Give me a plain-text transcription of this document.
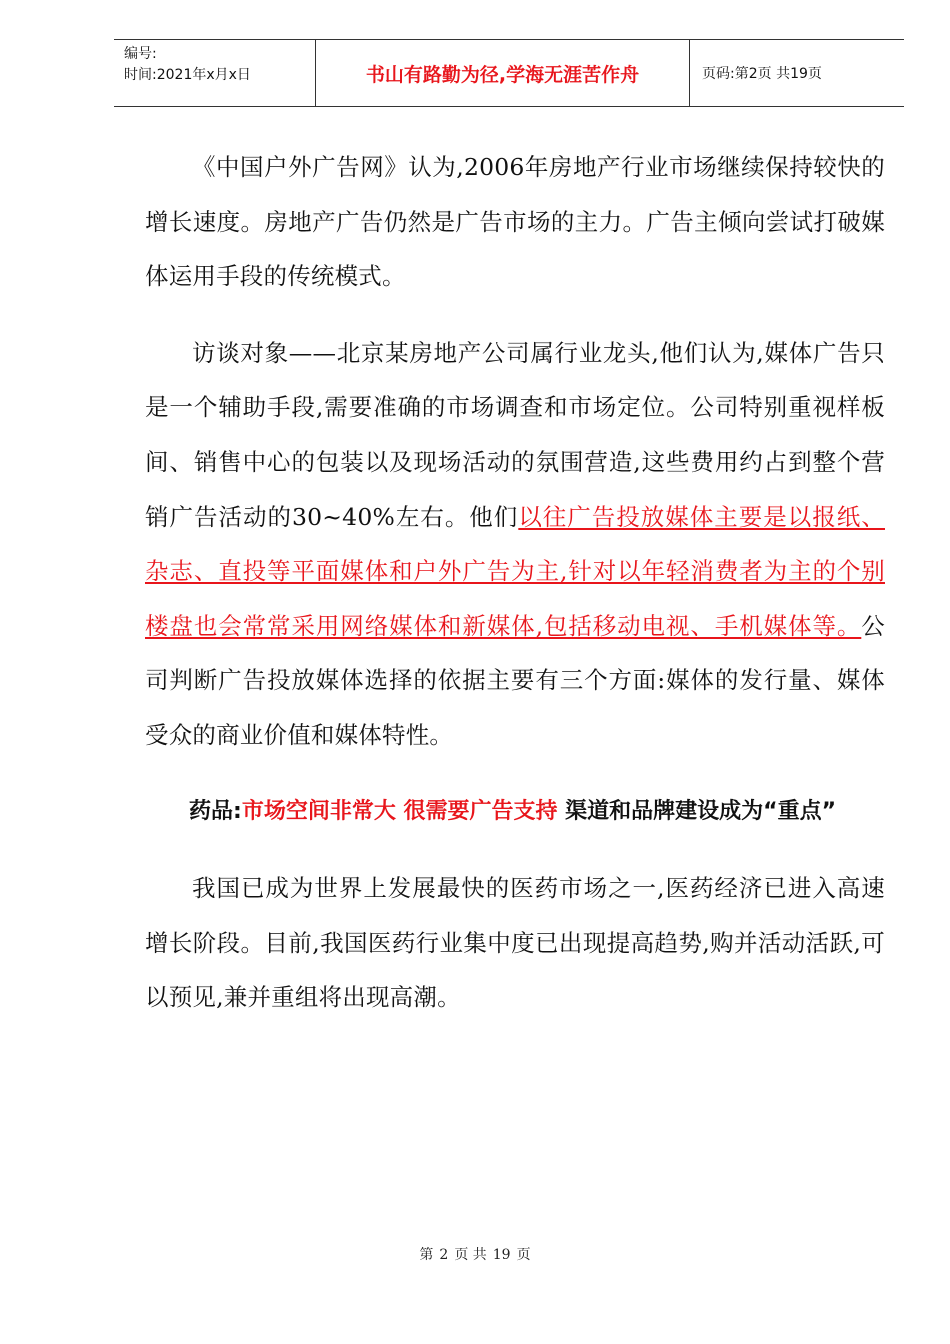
编号:
时间:2021年x月x日	书山有路勤为径,学海无涯苦作舟	页码:第2页 共19页

《中国户外广告网》认为,2006年房地产行业市场继续保持较快的增长速度。房地产广告仍然是广告市场的主力。广告主倾向尝试打破媒体运用手段的传统模式。

访谈对象——北京某房地产公司属行业龙头,他们认为,媒体广告只是一个辅助手段,需要准确的市场调查和市场定位。公司特别重视样板间、销售中心的包装以及现场活动的氛围营造,这些费用约占到整个营销广告活动的30~40%左右。他们以往广告投放媒体主要是以报纸、杂志、直投等平面媒体和户外广告为主,针对以年轻消费者为主的个别楼盘也会常常采用网络媒体和新媒体,包括移动电视、手机媒体等。公司判断广告投放媒体选择的依据主要有三个方面:媒体的发行量、媒体受众的商业价值和媒体特性。

药品:市场空间非常大 很需要广告支持 渠道和品牌建设成为“重点”

我国已成为世界上发展最快的医药市场之一,医药经济已进入高速增长阶段。目前,我国医药行业集中度已出现提高趋势,购并活动活跃,可以预见,兼并重组将出现高潮。

第 2 页 共 19 页
